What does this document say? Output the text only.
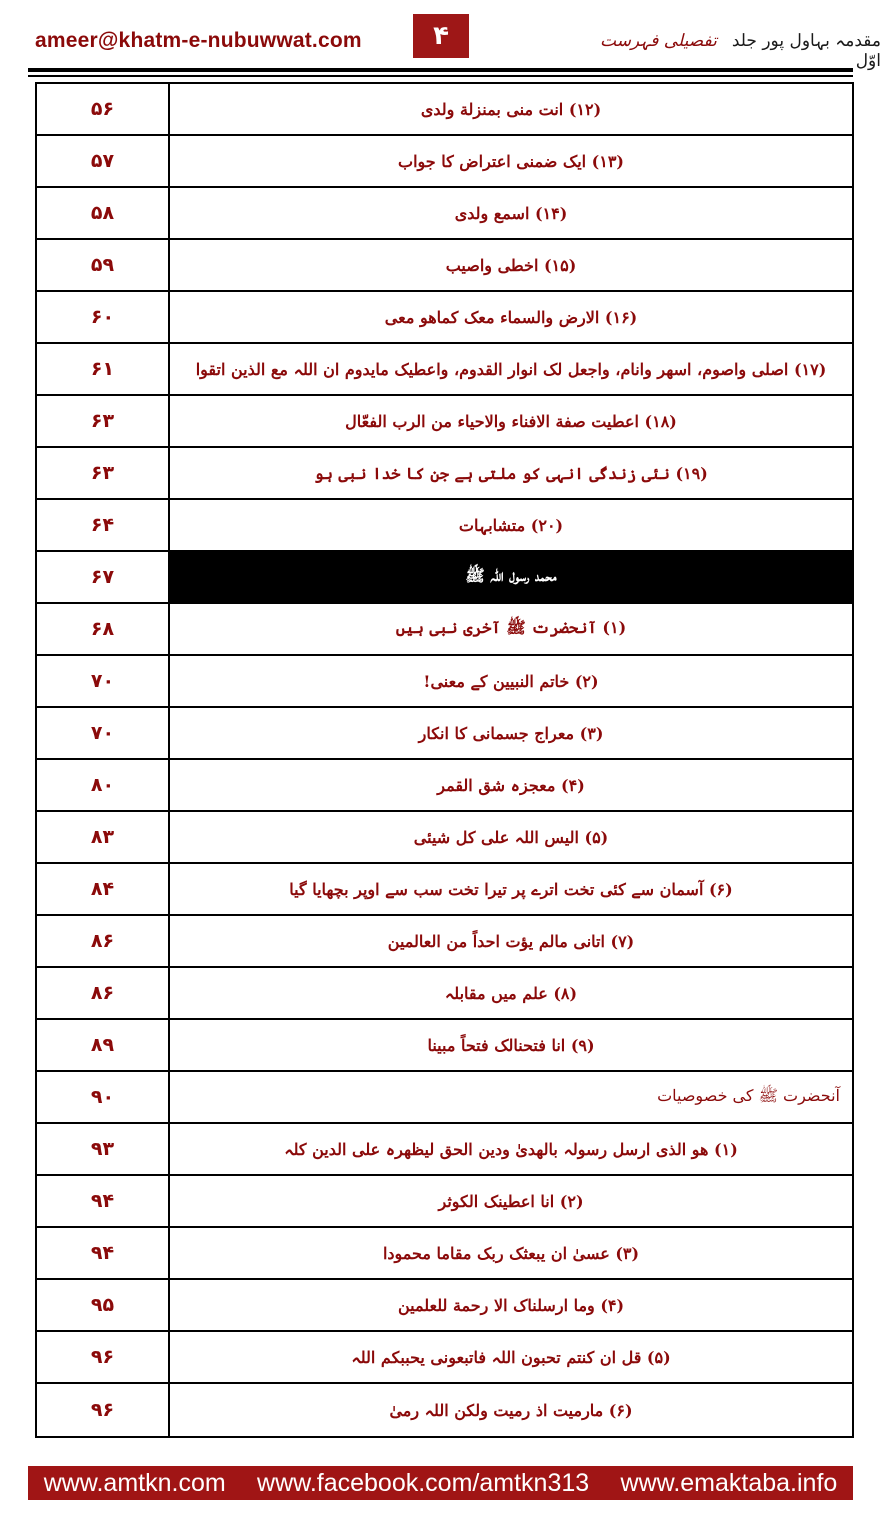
ameer@khatm-e-nubuwwat.com	۴	تفصیلی فہرست مقدمہ بہاول پور جلد اوّل
۵۶	(۱۲) انت منی بمنزلة ولدی
۵۷	(۱۳) ایک ضمنی اعتراض کا جواب
۵۸	(۱۴) اسمع ولدی
۵۹	(۱۵) اخطی واصیب
۶۰	(۱۶) الارض والسماء معک کماھو معی
۶۱	(۱۷) اصلی واصوم، اسھر وانام، واجعل لک انوار القدوم، واعطیک مایدوم ان اللہ مع الذین اتقوا
۶۳	(۱۸) اعطیت صفة الافناء والاحیاء من الرب الفعّال
۶۳	(۱۹) نئی زندگی انہی کو ملتی ہے جن کا خدا نبی ہو
۶۴	(۲۰) متشابہات
۶۷	محمد رسول اللہ ﷺ
۶۸	(۱) آنحضرت ﷺ آخری نبی ہیں
۷۰	(۲) خاتم النبیین کے معنی!
۷۰	(۳) معراج جسمانی کا انکار
۸۰	(۴) معجزہ شق القمر
۸۳	(۵) الیس اللہ علی کل شیئی
۸۴	(۶) آسمان سے کئی تخت اترے پر تیرا تخت سب سے اوپر بچھایا گیا
۸۶	(۷) اتانی مالم یؤت احداً من العالمین
۸۶	(۸) علم میں مقابلہ
۸۹	(۹) انا فتحنالک فتحاً مبینا
۹۰	آنحضرت ﷺ کی خصوصیات
۹۳	(۱) ھو الذی ارسل رسولہ بالھدیٰ ودین الحق لیظھرہ علی الدین کلہ
۹۴	(۲) انا اعطینک الکوثر
۹۴	(۳) عسیٰ ان یبعثک ربک مقاما محمودا
۹۵	(۴) وما ارسلناک الا رحمة للعلمین
۹۶	(۵) قل ان کنتم تحبون اللہ فاتبعونی یحببکم اللہ
۹۶	(۶) مارمیت اذ رمیت ولکن اللہ رمیٰ
www.amtkn.com www.facebook.com/amtkn313 www.emaktaba.info
